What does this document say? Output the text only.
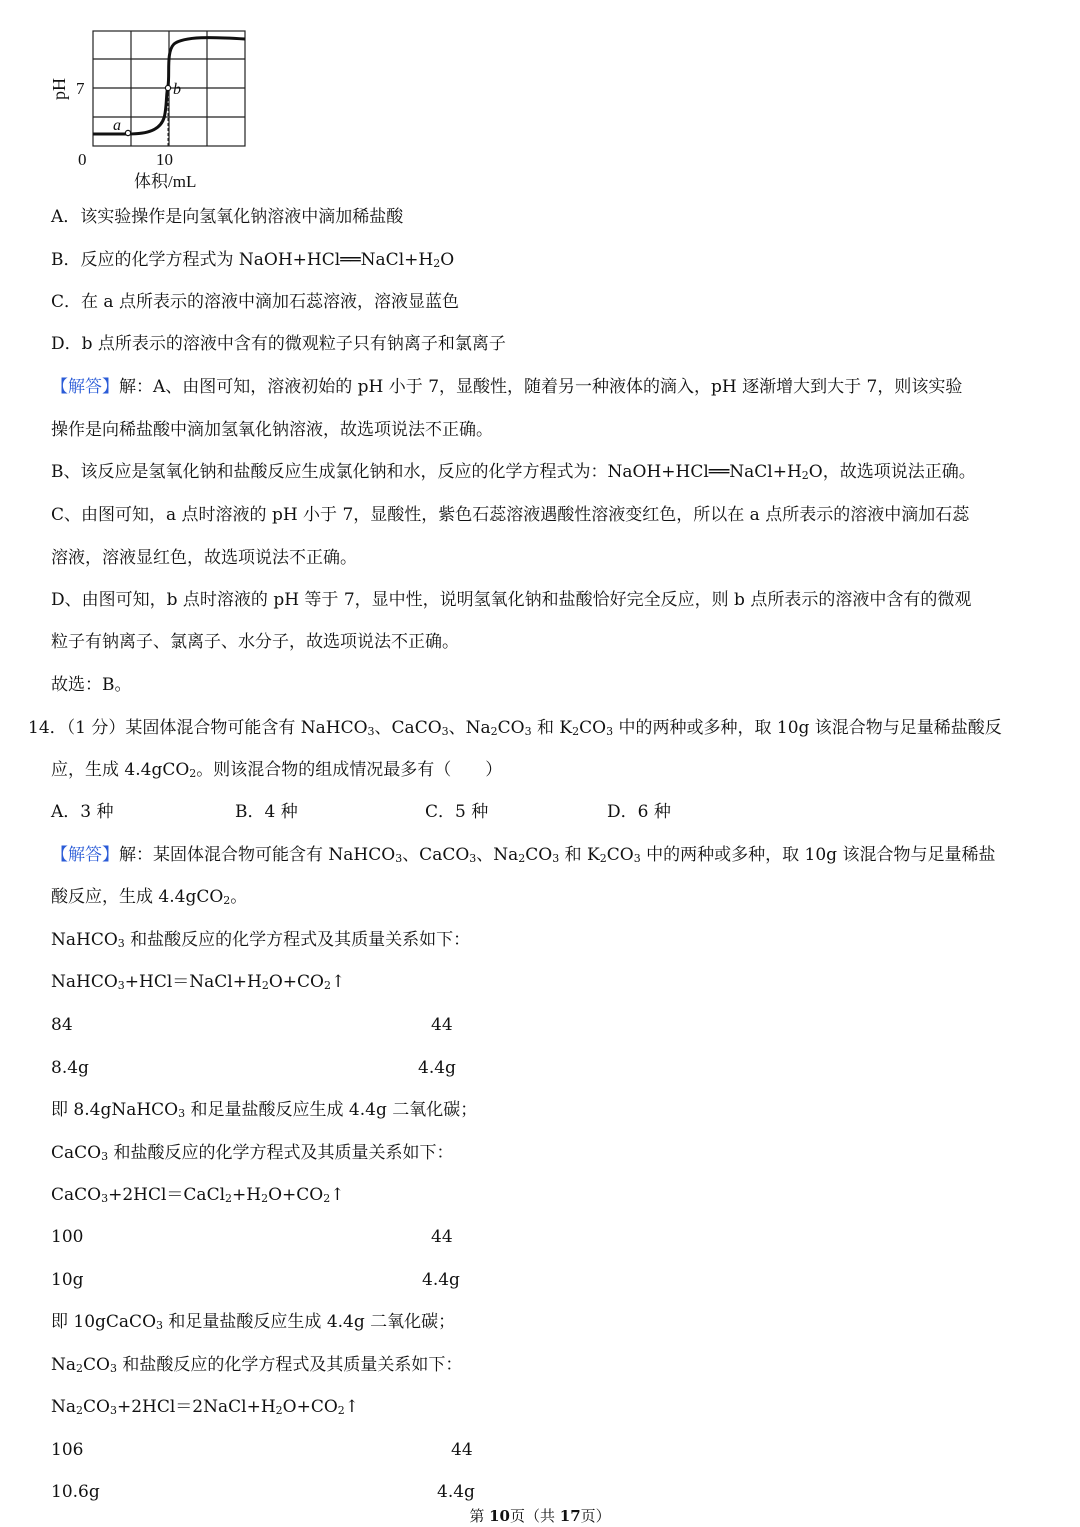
a
b
pH 7
0	10
体积/mL
A．该实验操作是向氢氧化钠溶液中滴加稀盐酸
B．反应的化学方程式为 $NaOH+HCl══NaCl+H_2O$
C．在 a 点所表示的溶液中滴加石蕊溶液，溶液显蓝色
D．b 点所表示的溶液中含有的微观粒子只有钠离子和氯离子
【解答】解：A、由图可知，溶液初始的 pH 小于 7，显酸性，随着另一种液体的滴入，pH 逐渐增大到大于 7，则该实验
操作是向稀盐酸中滴加氢氧化钠溶液，故选项说法不正确。
B、该反应是氢氧化钠和盐酸反应生成氯化钠和水，反应的化学方程式为：$NaOH+HCl══NaCl+H_2O$，故选项说法正确。
C、由图可知，a 点时溶液的 pH 小于 7，显酸性，紫色石蕊溶液遇酸性溶液变红色，所以在 a 点所表示的溶液中滴加石蕊
溶液，溶液显红色，故选项说法不正确。
D、由图可知，b 点时溶液的 pH 等于 7，显中性，说明氢氧化钠和盐酸恰好完全反应，则 b 点所表示的溶液中含有的微观
粒子有钠离子、氯离子、水分子，故选项说法不正确。
故选：B。
14．（1 分）某固体混合物可能含有 NaHCO$_3$、CaCO$_3$、$Na_2CO_3$ 和 $K_2CO_3$ 中的两种或多种，取 10g 该混合物与足量稀盐酸反
应，生成 4.4gCO$_2$。则该混合物的组成情况最多有（　　）
A．3 种	B．4 种	C．5 种	D．6 种
【解答】解：某固体混合物可能含有 NaHCO$_3$、CaCO$_3$、$Na_2CO_3$ 和 $K_2CO_3$ 中的两种或多种，取 10g 该混合物与足量稀盐
酸反应，生成 4.4gCO$_2$。
NaHCO$_3$ 和盐酸反应的化学方程式及其质量关系如下：
$NaHCO_3+HCl=NaCl+H_2O+CO_2↑$
84	44
8.4g	4.4g
即 8.4gNaHCO$_3$ 和足量盐酸反应生成 4.4g 二氧化碳；
CaCO$_3$ 和盐酸反应的化学方程式及其质量关系如下：
$CaCO_3+2HCl=CaCl_2+H_2O+CO_2↑$
100	44
10g	4.4g
即 10gCaCO$_3$ 和足量盐酸反应生成 4.4g 二氧化碳；
$Na_2CO_3$ 和盐酸反应的化学方程式及其质量关系如下：
$Na_2CO_3+2HCl=2NaCl+H_2O+CO_2↑$
106	44
10.6g	4.4g
第 10页（共 17页）
